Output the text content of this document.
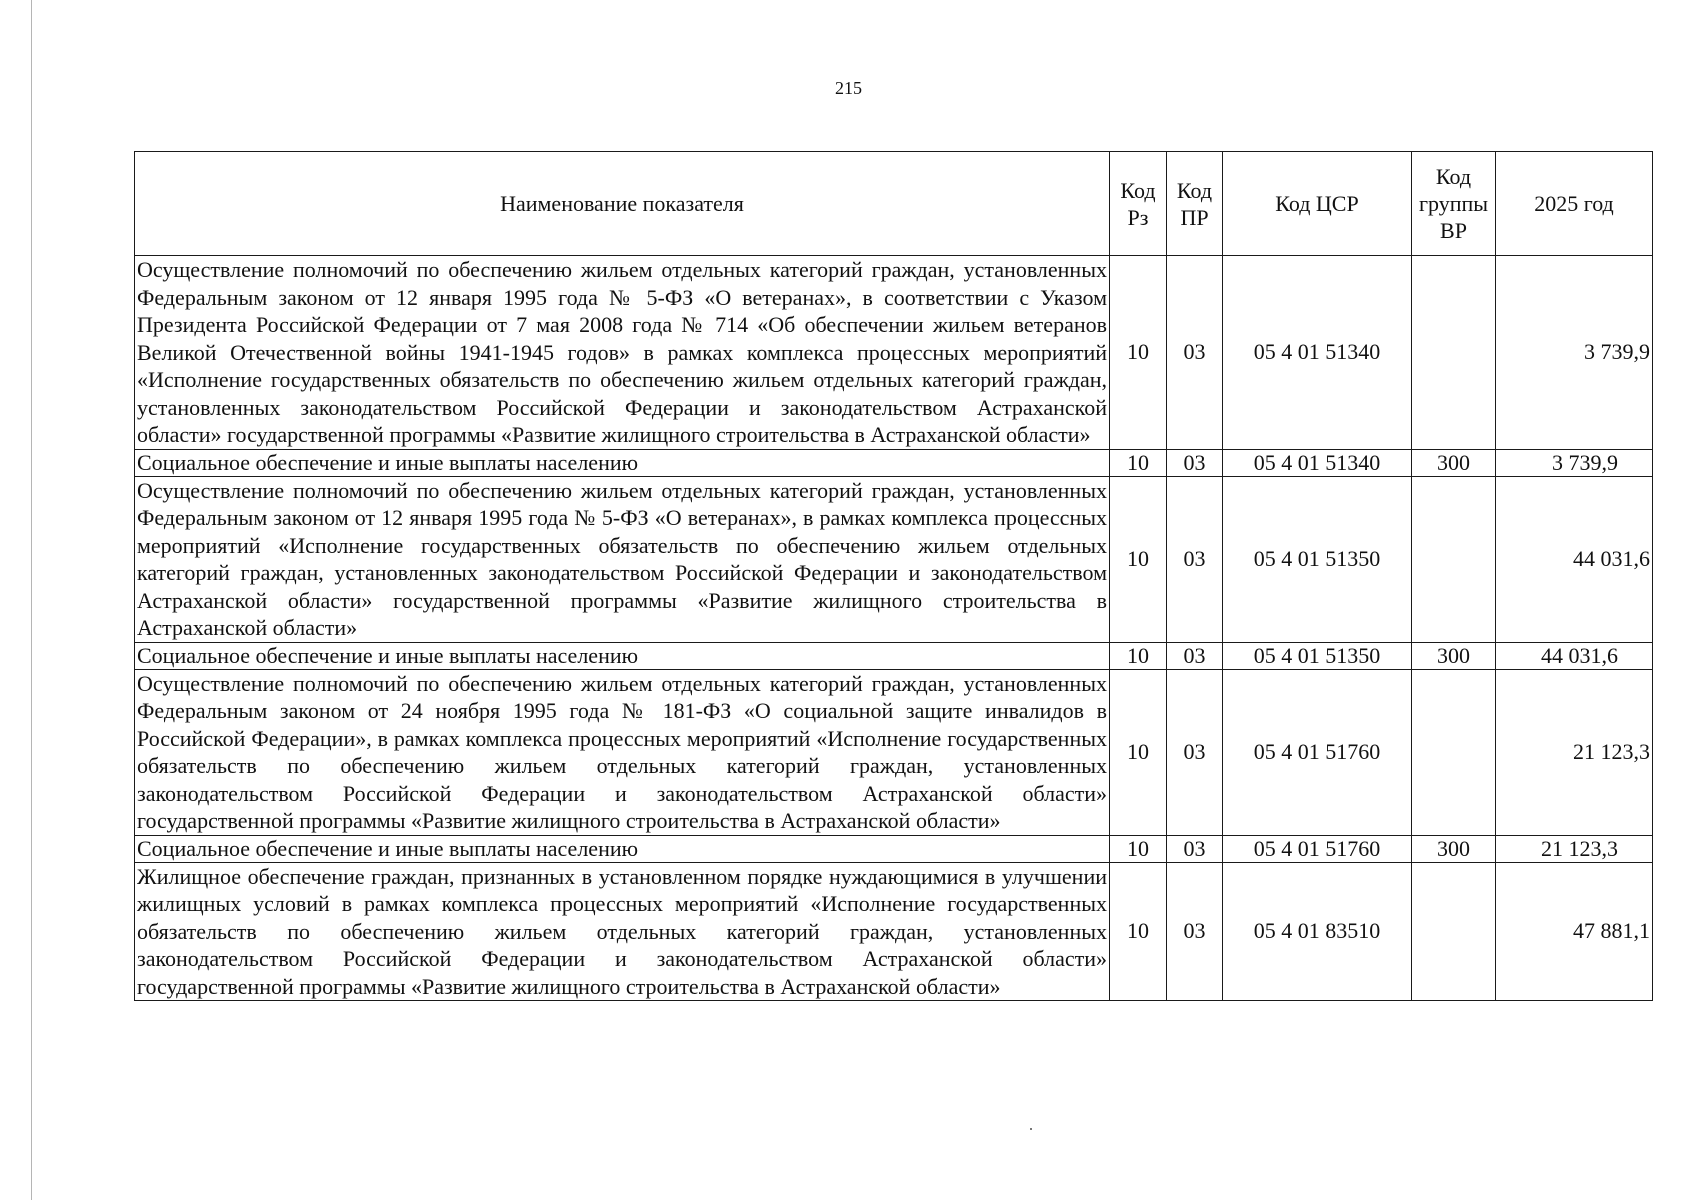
215
Наименование показателя	Код Рз	Код ПР	Код ЦСР	Код группы ВР	2025 год
Осуществление полномочий по обеспечению жильем отдельных категорий граждан, установленных Федеральным законом от 12 января 1995 года № 5-ФЗ «О ветеранах», в соответствии с Указом Президента Российской Федерации от 7 мая 2008 года № 714 «Об обеспечении жильем ветеранов Великой Отечественной войны 1941-1945 годов» в рамках комплекса процессных мероприятий «Исполнение государственных обязательств по обеспечению жильем отдельных категорий граждан, установленных законодательством Российской Федерации и законодательством Астраханской области» государственной программы «Развитие жилищного строительства в Астраханской области»	10	03	05 4 01 51340		3 739,9
Социальное обеспечение и иные выплаты населению	10	03	05 4 01 51340	300	3 739,9
Осуществление полномочий по обеспечению жильем отдельных категорий граждан, установленных Федеральным законом от 12 января 1995 года № 5-ФЗ «О ветеранах», в рамках комплекса процессных мероприятий «Исполнение государственных обязательств по обеспечению жильем отдельных категорий граждан, установленных законодательством Российской Федерации и законодательством Астраханской области» государственной программы «Развитие жилищного строительства в Астраханской области»	10	03	05 4 01 51350		44 031,6
Социальное обеспечение и иные выплаты населению	10	03	05 4 01 51350	300	44 031,6
Осуществление полномочий по обеспечению жильем отдельных категорий граждан, установленных Федеральным законом от 24 ноября 1995 года № 181-ФЗ «О социальной защите инвалидов в Российской Федерации», в рамках комплекса процессных мероприятий «Исполнение государственных обязательств по обеспечению жильем отдельных категорий граждан, установленных законодательством Российской Федерации и законодательством Астраханской области» государственной программы «Развитие жилищного строительства в Астраханской области»	10	03	05 4 01 51760		21 123,3
Социальное обеспечение и иные выплаты населению	10	03	05 4 01 51760	300	21 123,3
Жилищное обеспечение граждан, признанных в установленном порядке нуждающимися в улучшении жилищных условий в рамках комплекса процессных мероприятий «Исполнение государственных обязательств по обеспечению жильем отдельных категорий граждан, установленных законодательством Российской Федерации и законодательством Астраханской области» государственной программы «Развитие жилищного строительства в Астраханской области»	10	03	05 4 01 83510		47 881,1
